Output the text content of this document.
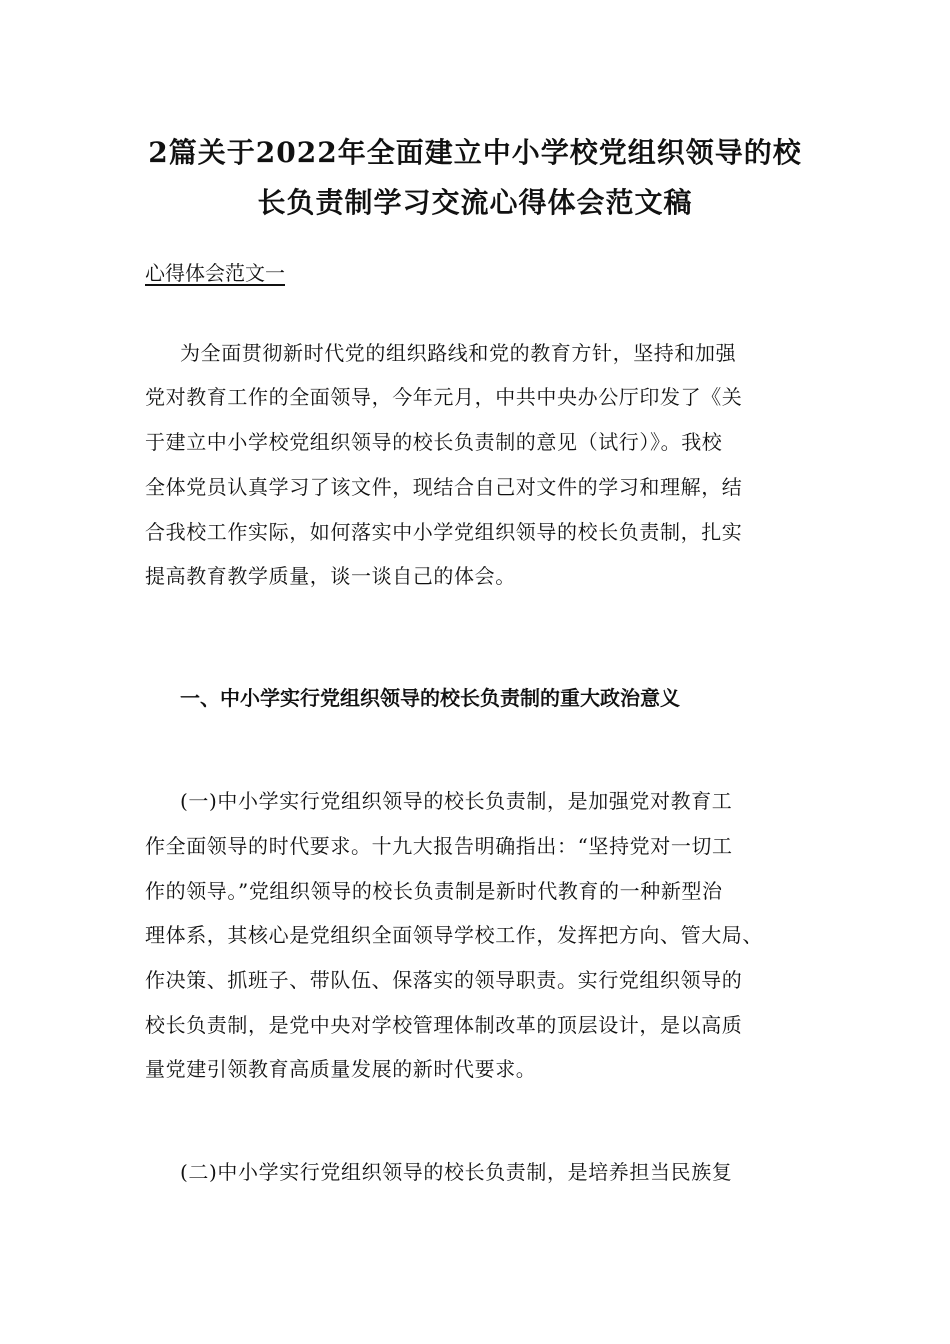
2篇关于2022年全面建立中小学校党组织领导的校
长负责制学习交流心得体会范文稿
心得体会范文一
为全面贯彻新时代党的组织路线和党的教育方针，坚持和加强
党对教育工作的全面领导，今年元月，中共中央办公厅印发了《关
于建立中小学校党组织领导的校长负责制的意见（试行）》。我校
全体党员认真学习了该文件，现结合自己对文件的学习和理解，结
合我校工作实际，如何落实中小学党组织领导的校长负责制，扎实
提高教育教学质量，谈一谈自己的体会。
一、中小学实行党组织领导的校长负责制的重大政治意义
(一)中小学实行党组织领导的校长负责制，是加强党对教育工
作全面领导的时代要求。十九大报告明确指出：“坚持党对一切工
作的领导。”党组织领导的校长负责制是新时代教育的一种新型治
理体系，其核心是党组织全面领导学校工作，发挥把方向、管大局、
作决策、抓班子、带队伍、保落实的领导职责。实行党组织领导的
校长负责制，是党中央对学校管理体制改革的顶层设计，是以高质
量党建引领教育高质量发展的新时代要求。
(二)中小学实行党组织领导的校长负责制，是培养担当民族复
